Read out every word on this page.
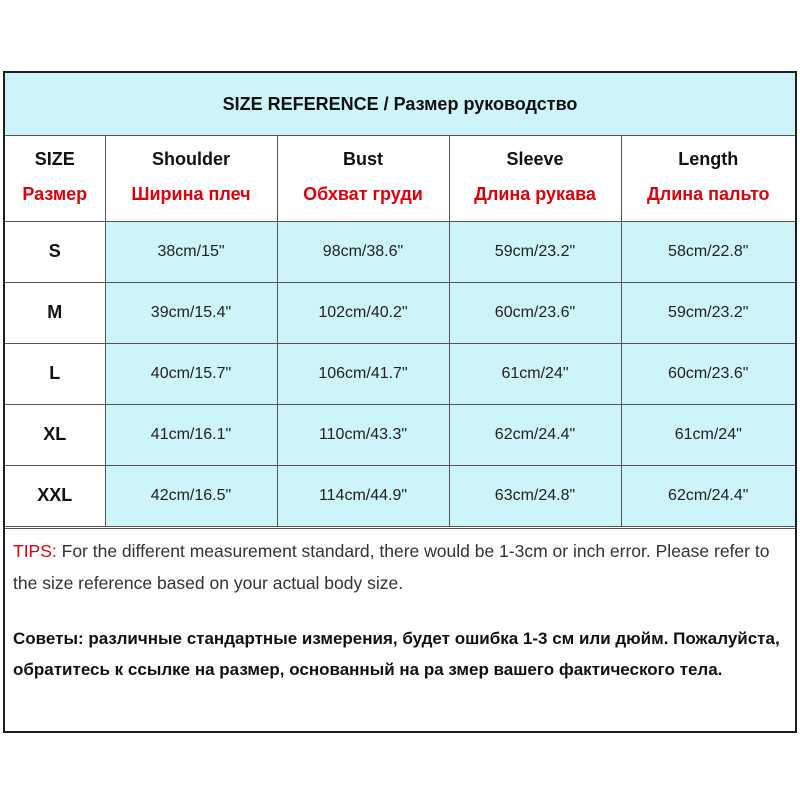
SIZE REFERENCE / Размер руководство
SIZE	Shoulder	Bust	Sleeve	Length
Размер	Ширина плеч	Обхват груди	Длина рукава	Длина пальто
S	38cm/15"	98cm/38.6"	59cm/23.2"	58cm/22.8"
M	39cm/15.4"	102cm/40.2"	60cm/23.6"	59cm/23.2"
L	40cm/15.7"	106cm/41.7"	61cm/24"	60cm/23.6"
XL	41cm/16.1"	110cm/43.3"	62cm/24.4"	61cm/24"
XXL	42cm/16.5"	114cm/44.9"	63cm/24.8"	62cm/24.4"

TIPS: For the different measurement standard, there would be 1-3cm or inch error. Please refer to the size reference based on your actual body size.

Советы: различные стандартные измерения, будет ошибка 1-3 см или дюйм. Пожалуйста, обратитесь к ссылке на размер, основанный на ра змер вашего фактического тела.
